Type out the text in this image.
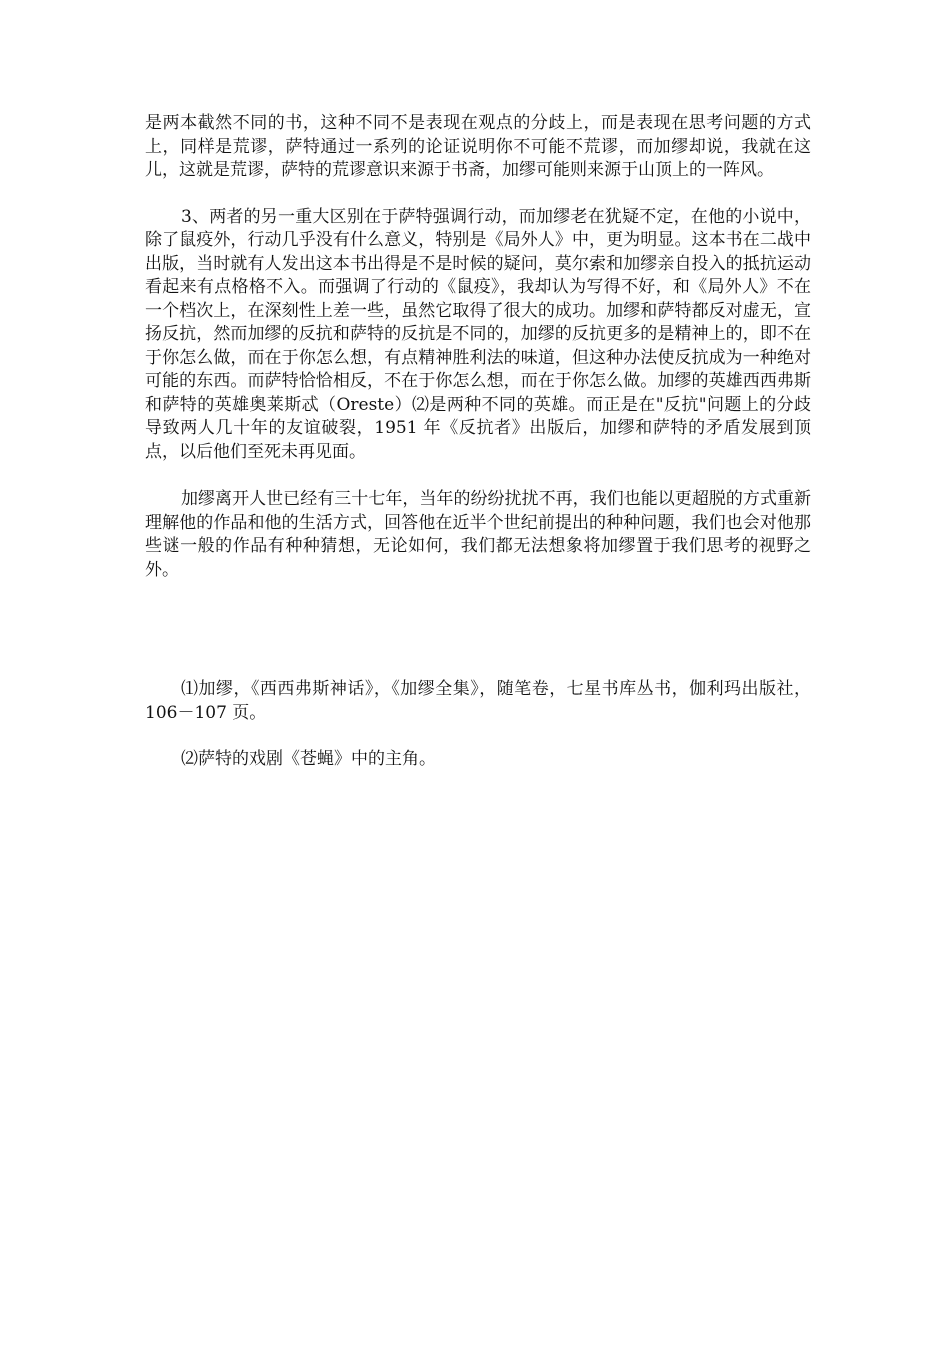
是两本截然不同的书，这种不同不是表现在观点的分歧上，而是表现在思考问题的方式上，同样是荒谬，萨特通过一系列的论证说明你不可能不荒谬，而加缪却说，我就在这儿，这就是荒谬，萨特的荒谬意识来源于书斋，加缪可能则来源于山顶上的一阵风。

3、两者的另一重大区别在于萨特强调行动，而加缪老在犹疑不定，在他的小说中，除了鼠疫外，行动几乎没有什么意义，特别是《局外人》中，更为明显。这本书在二战中出版，当时就有人发出这本书出得是不是时候的疑问，莫尔索和加缪亲自投入的抵抗运动看起来有点格格不入。而强调了行动的《鼠疫》，我却认为写得不好，和《局外人》不在一个档次上，在深刻性上差一些，虽然它取得了很大的成功。加缪和萨特都反对虚无，宣扬反抗，然而加缪的反抗和萨特的反抗是不同的，加缪的反抗更多的是精神上的，即不在于你怎么做，而在于你怎么想，有点精神胜利法的味道，但这种办法使反抗成为一种绝对可能的东西。而萨特恰恰相反，不在于你怎么想，而在于你怎么做。加缪的英雄西西弗斯和萨特的英雄奥莱斯忒（Oreste）⑵是两种不同的英雄。而正是在"反抗"问题上的分歧导致两人几十年的友谊破裂，1951 年《反抗者》出版后，加缪和萨特的矛盾发展到顶点，以后他们至死未再见面。

加缪离开人世已经有三十七年，当年的纷纷扰扰不再，我们也能以更超脱的方式重新理解他的作品和他的生活方式，回答他在近半个世纪前提出的种种问题，我们也会对他那些谜一般的作品有种种猜想，无论如何，我们都无法想象将加缪置于我们思考的视野之外。

⑴加缪，《西西弗斯神话》，《加缪全集》，随笔卷，七星书库丛书，伽利玛出版社，106－107 页。

⑵萨特的戏剧《苍蝇》中的主角。
